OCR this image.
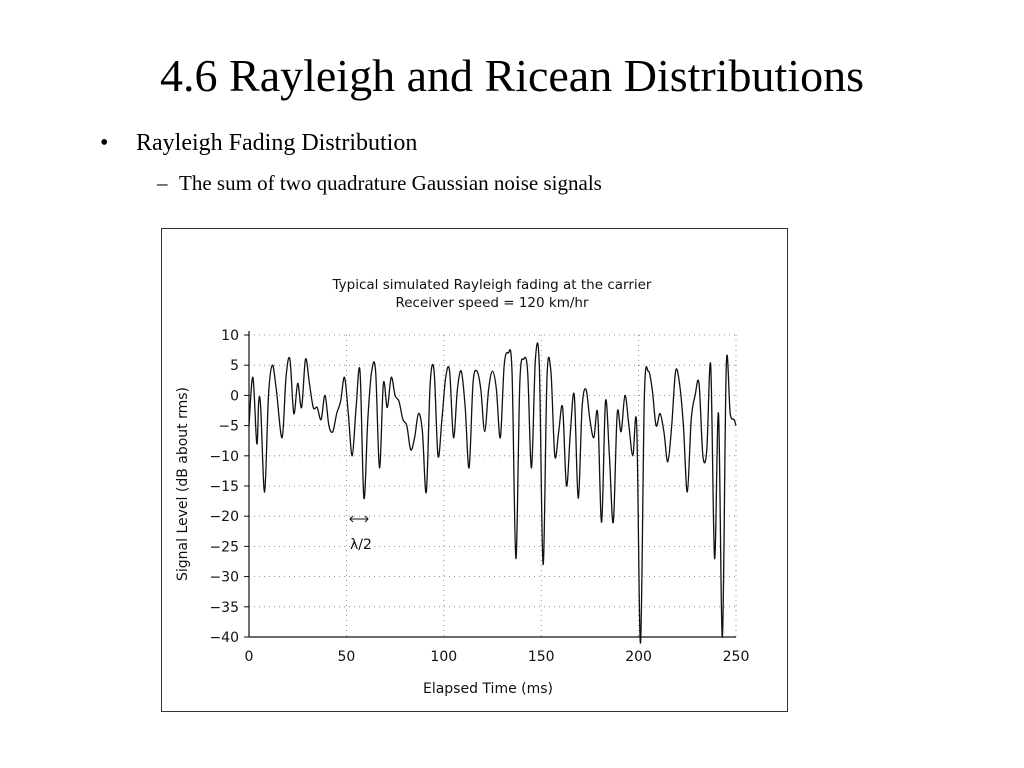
4.6 Rayleigh and Ricean Distributions
• Rayleigh Fading Distribution
– The sum of two quadrature Gaussian noise signals
Typical simulated Rayleigh fading at the carrier
Receiver speed = 120 km/hr
10
5
0
−5
−10
−15
−20
−25
−30
−35
−40
0	50	100	150	200	250
λ/2
Elapsed Time (ms)
Signal Level (dB about rms)
